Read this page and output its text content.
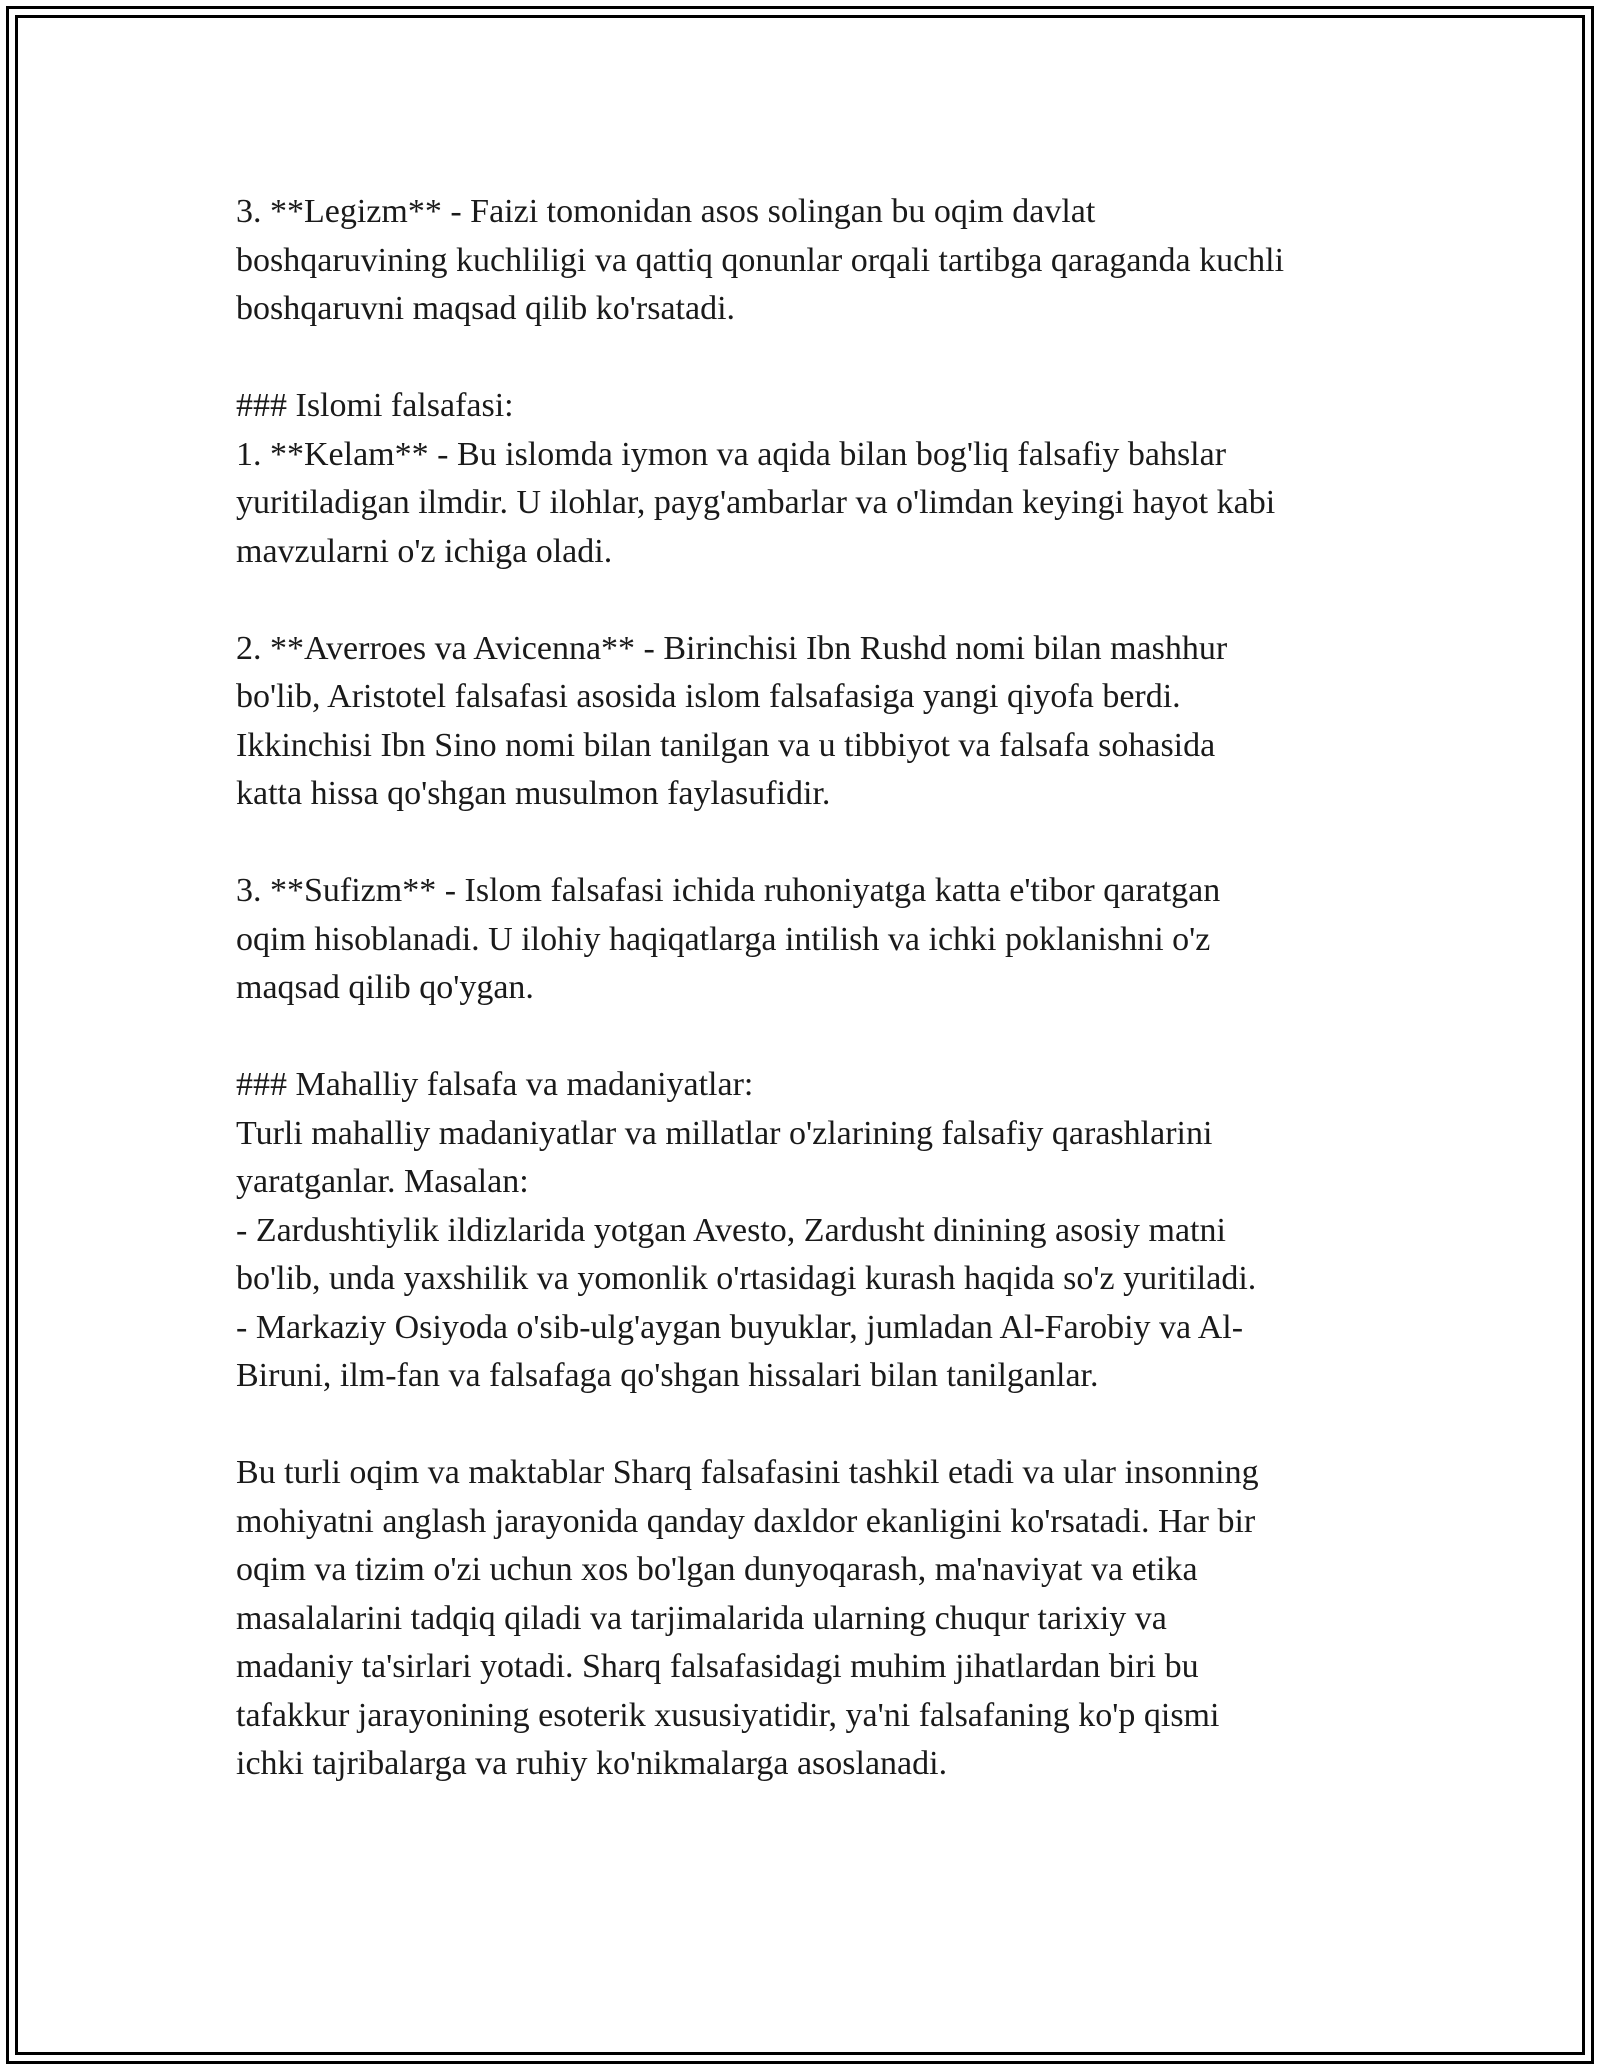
3. **Legizm** - Faizi tomonidan asos solingan bu oqim davlat

boshqaruvining kuchliligi va qattiq qonunlar orqali tartibga qaraganda kuchli

boshqaruvni maqsad qilib ko'rsatadi.

### Islomi falsafasi:

1. **Kelam** - Bu islomda iymon va aqida bilan bog'liq falsafiy bahslar

yuritiladigan ilmdir. U ilohlar, payg'ambarlar va o'limdan keyingi hayot kabi

mavzularni o'z ichiga oladi.

2. **Averroes va Avicenna** - Birinchisi Ibn Rushd nomi bilan mashhur

bo'lib, Aristotel falsafasi asosida islom falsafasiga yangi qiyofa berdi.

Ikkinchisi Ibn Sino nomi bilan tanilgan va u tibbiyot va falsafa sohasida

katta hissa qo'shgan musulmon faylasufidir.

3. **Sufizm** - Islom falsafasi ichida ruhoniyatga katta e'tibor qaratgan

oqim hisoblanadi. U ilohiy haqiqatlarga intilish va ichki poklanishni o'z

maqsad qilib qo'ygan.

### Mahalliy falsafa va madaniyatlar:

Turli mahalliy madaniyatlar va millatlar o'zlarining falsafiy qarashlarini

yaratganlar. Masalan:

- Zardushtiylik ildizlarida yotgan Avesto, Zardusht dinining asosiy matni

bo'lib, unda yaxshilik va yomonlik o'rtasidagi kurash haqida so'z yuritiladi.

- Markaziy Osiyoda o'sib-ulg'aygan buyuklar, jumladan Al-Farobiy va Al-

Biruni, ilm-fan va falsafaga qo'shgan hissalari bilan tanilganlar.

Bu turli oqim va maktablar Sharq falsafasini tashkil etadi va ular insonning

mohiyatni anglash jarayonida qanday daxldor ekanligini ko'rsatadi. Har bir

oqim va tizim o'zi uchun xos bo'lgan dunyoqarash, ma'naviyat va etika

masalalarini tadqiq qiladi va tarjimalarida ularning chuqur tarixiy va

madaniy ta'sirlari yotadi. Sharq falsafasidagi muhim jihatlardan biri bu

tafakkur jarayonining esoterik xususiyatidir, ya'ni falsafaning ko'p qismi

ichki tajribalarga va ruhiy ko'nikmalarga asoslanadi.
